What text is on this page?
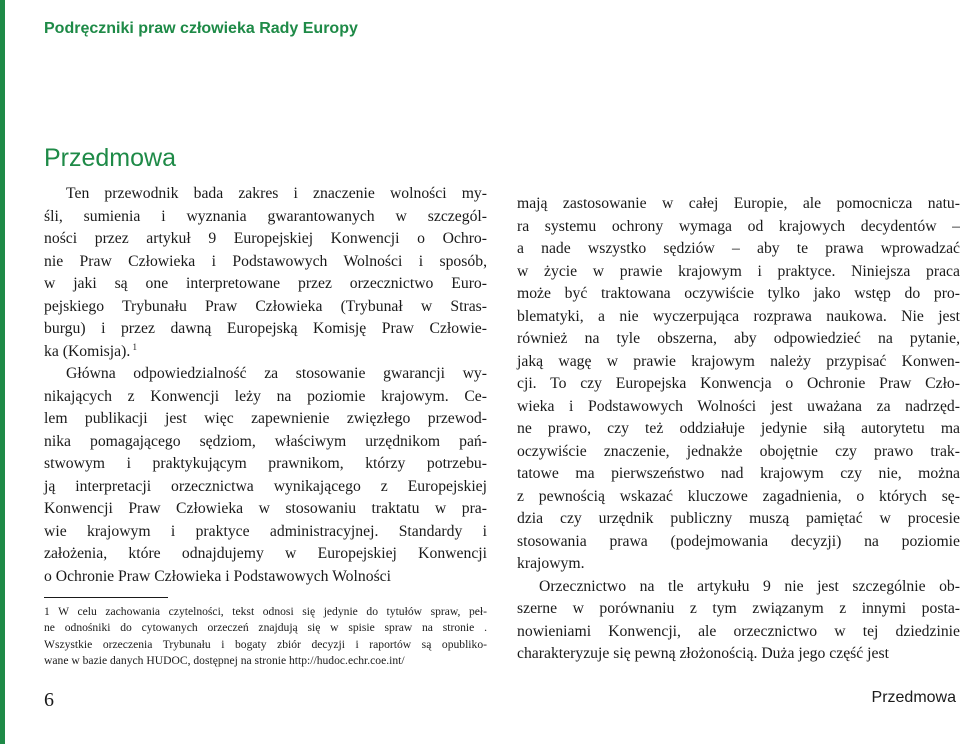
Podręczniki praw człowieka Rady Europy
Przedmowa
Ten przewodnik bada zakres i znaczenie wolności my-
śli, sumienia i wyznania gwarantowanych w szczegól-
ności przez artykuł 9 Europejskiej Konwencji o Ochro-
nie Praw Człowieka i Podstawowych Wolności i sposób,
w jaki są one interpretowane przez orzecznictwo Euro-
pejskiego Trybunału Praw Człowieka (Trybunał w Stras-
burgu) i przez dawną Europejską Komisję Praw Człowie-
ka (Komisja). $^1$
Główna odpowiedzialność za stosowanie gwarancji wy-
nikających z Konwencji leży na poziomie krajowym. Ce-
lem publikacji jest więc zapewnienie zwięzłego przewod-
nika pomagającego sędziom, właściwym urzędnikom pań-
stwowym i praktykującym prawnikom, którzy potrzebu-
ją interpretacji orzecznictwa wynikającego z Europejskiej
Konwencji Praw Człowieka w stosowaniu traktatu w pra-
wie krajowym i praktyce administracyjnej. Standardy i
założenia, które odnajdujemy w Europejskiej Konwencji
o Ochronie Praw Człowieka i Podstawowych Wolności
1 W celu zachowania czytelności, tekst odnosi się jedynie do tytułów spraw, peł-
ne odnośniki do cytowanych orzeczeń znajdują się w spisie spraw na stronie .
Wszystkie orzeczenia Trybunału i bogaty zbiór decyzji i raportów są opubliko-
wane w bazie danych HUDOC, dostępnej na stronie http://hudoc.echr.coe.int/
mają zastosowanie w całej Europie, ale pomocnicza natu-
ra systemu ochrony wymaga od krajowych decydentów –
a nade wszystko sędziów – aby te prawa wprowadzać
w życie w prawie krajowym i praktyce. Niniejsza praca
może być traktowana oczywiście tylko jako wstęp do pro-
blematyki, a nie wyczerpująca rozprawa naukowa. Nie jest
również na tyle obszerna, aby odpowiedzieć na pytanie,
jaką wagę w prawie krajowym należy przypisać Konwen-
cji. To czy Europejska Konwencja o Ochronie Praw Czło-
wieka i Podstawowych Wolności jest uważana za nadrzęd-
ne prawo, czy też oddziałuje jedynie siłą autorytetu ma
oczywiście znaczenie, jednakże obojętnie czy prawo trak-
tatowe ma pierwszeństwo nad krajowym czy nie, można
z pewnością wskazać kluczowe zagadnienia, o których sę-
dzia czy urzędnik publiczny muszą pamiętać w procesie
stosowania prawa (podejmowania decyzji) na poziomie
krajowym.
Orzecznictwo na tle artykułu 9 nie jest szczególnie ob-
szerne w porównaniu z tym związanym z innymi posta-
nowieniami Konwencji, ale orzecznictwo w tej dziedzinie
charakteryzuje się pewną złożonością. Duża jego część jest
6	Przedmowa
